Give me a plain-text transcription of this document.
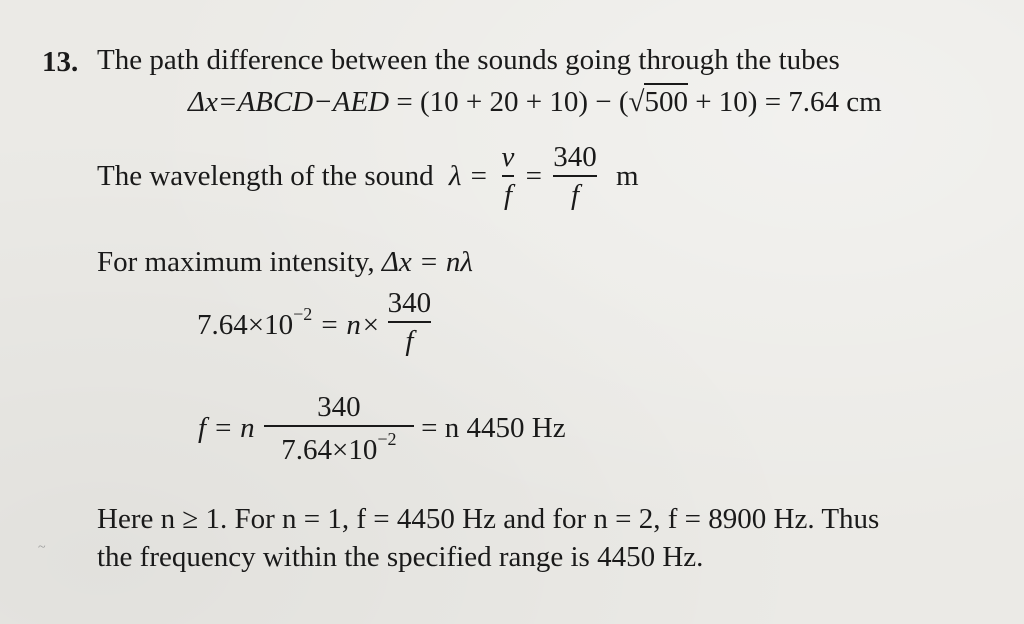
13. The path difference between the sounds going through the tubes
Δx=ABCD−AED = (10 + 20 + 10) − (√500 + 10) = 7.64 cm
The wavelength of the sound $\lambda = \frac{v}{f} = \frac{340}{f}$ m
For maximum intensity, Δx = nλ
$7.64\times 10^{-2} = n\times \frac{340}{f}$
f = n $\frac{340}{7.64\times 10^{-2}} = n$ 4450 Hz
Here n ≥ 1. For n = 1, f = 4450 Hz and for n = 2, f = 8900 Hz. Thus
the frequency within the specified range is 4450 Hz.
~
